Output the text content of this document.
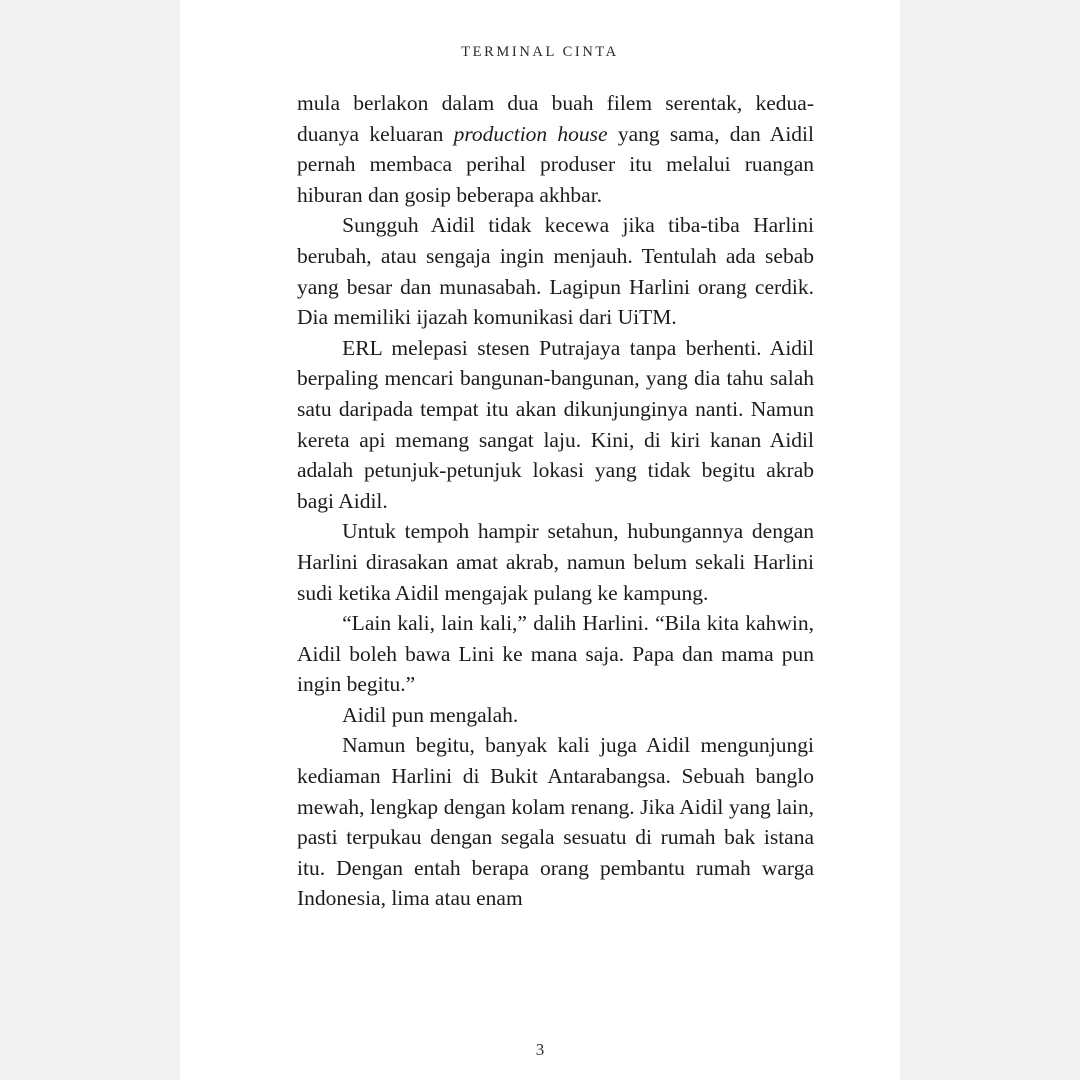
TERMINAL CINTA

mula berlakon dalam dua buah filem serentak, kedua-duanya keluaran production house yang sama, dan Aidil pernah membaca perihal produser itu melalui ruangan hiburan dan gosip beberapa akhbar.

Sungguh Aidil tidak kecewa jika tiba-tiba Harlini berubah, atau sengaja ingin menjauh. Tentulah ada sebab yang besar dan munasabah. Lagipun Harlini orang cerdik. Dia memiliki ijazah komunikasi dari UiTM.

ERL melepasi stesen Putrajaya tanpa berhenti. Aidil berpaling mencari bangunan-bangunan, yang dia tahu salah satu daripada tempat itu akan dikunjunginya nanti. Namun kereta api memang sangat laju. Kini, di kiri kanan Aidil adalah petunjuk-petunjuk lokasi yang tidak begitu akrab bagi Aidil.

Untuk tempoh hampir setahun, hubungannya dengan Harlini dirasakan amat akrab, namun belum sekali Harlini sudi ketika Aidil mengajak pulang ke kampung.

“Lain kali, lain kali,” dalih Harlini. “Bila kita kahwin, Aidil boleh bawa Lini ke mana saja. Papa dan mama pun ingin begitu.”

Aidil pun mengalah.

Namun begitu, banyak kali juga Aidil mengunjungi kediaman Harlini di Bukit Antarabangsa. Sebuah banglo mewah, lengkap dengan kolam renang. Jika Aidil yang lain, pasti terpukau dengan segala sesuatu di rumah bak istana itu. Dengan entah berapa orang pembantu rumah warga Indonesia, lima atau enam

3
